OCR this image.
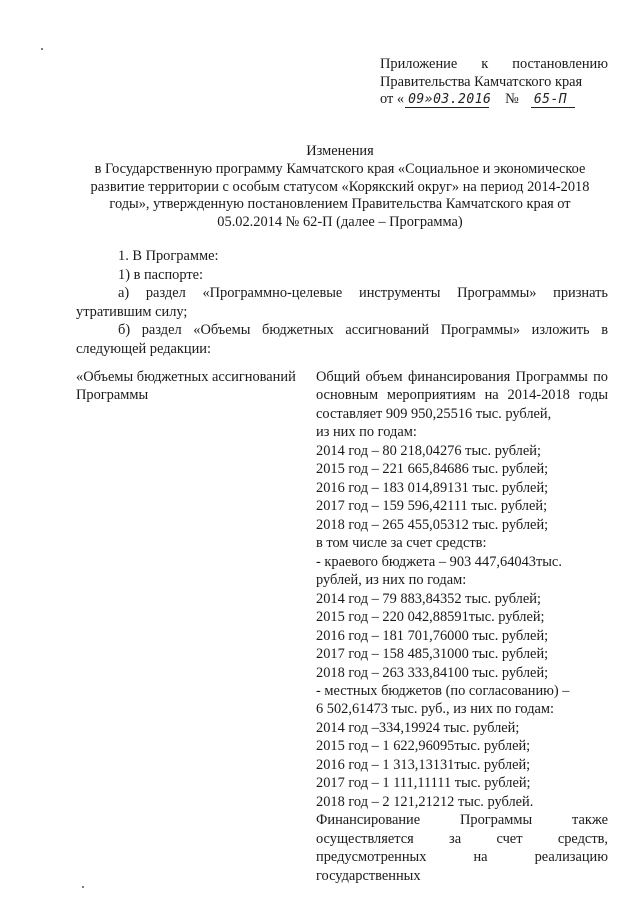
Приложение к постановлению
Правительства Камчатского края
от « 09»03.2016 № 65-П
Изменения
в Государственную программу Камчатского края «Социальное и экономическое развитие территории с особым статусом «Корякский округ» на период 2014-2018 годы», утвержденную постановлением Правительства Камчатского края от 05.02.2014 № 62-П (далее – Программа)

1. В Программе:

1) в паспорте:

а) раздел «Программно-целевые инструменты Программы» признать утратившим силу;

б) раздел «Объемы бюджетных ассигнований Программы» изложить в следующей редакции:

«Объемы бюджетных ассигнований Программы

Общий объем финансирования Программы по основным мероприятиям на 2014-2018 годы составляет 909 950,25516 тыс. рублей,

из них по годам:
2014 год – 80 218,04276 тыс. рублей;
2015 год – 221 665,84686 тыс. рублей;
2016 год – 183 014,89131 тыс. рублей;
2017 год – 159 596,42111 тыс. рублей;
2018 год – 265 455,05312 тыс. рублей;
в том числе за счет средств:
- краевого бюджета – 903 447,64043тыс.
рублей, из них по годам:
2014 год – 79 883,84352 тыс. рублей;
2015 год – 220 042,88591тыс. рублей;
2016 год – 181 701,76000 тыс. рублей;
2017 год – 158 485,31000 тыс. рублей;
2018 год – 263 333,84100 тыс. рублей;
- местных бюджетов (по согласованию) –
6 502,61473 тыс. руб., из них по годам:
2014 год –334,19924 тыс. рублей;
2015 год – 1 622,96095тыс. рублей;
2016 год – 1 313,13131тыс. рублей;
2017 год – 1 111,11111 тыс. рублей;
2018 год – 2 121,21212 тыс. рублей.

Финансирование Программы также осуществляется за счет средств, предусмотренных на реализацию государственных
